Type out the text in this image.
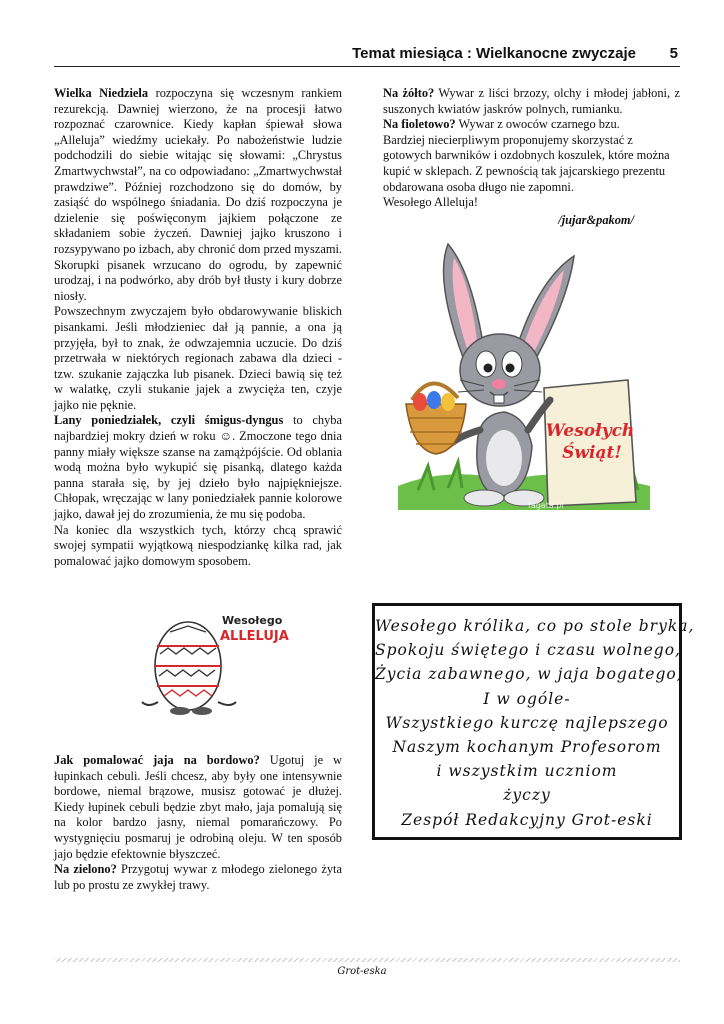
Temat miesiąca : Wielkanocne zwyczaje 5

Wielka Niedziela rozpoczyna się wczesnym rankiem rezurekcją. Dawniej wierzono, że na procesji łatwo rozpoznać czarownice. Kiedy kapłan śpiewał słowa „Alleluja” wiedźmy uciekały. Po nabożeństwie ludzie podchodzili do siebie witając się słowami: „Chrystus Zmartwychwstał”, na co odpowiadano: „Zmartwychwstał prawdziwe”. Później rozchodzono się do domów, by zasiąść do wspólnego śniadania. Do dziś rozpoczyna je dzielenie się poświęconym jajkiem połączone ze składaniem sobie życzeń. Dawniej jajko kruszono i rozsypywano po izbach, aby chronić dom przed myszami. Skorupki pisanek wrzucano do ogrodu, by zapewnić urodzaj, i na podwórko, aby drób był tłusty i kury dobrze niosły.

Powszechnym zwyczajem było obdarowywanie bliskich pisankami. Jeśli młodzieniec dał ją pannie, a ona ją przyjęła, był to znak, że odwzajemnia uczucie. Do dziś przetrwała w niektórych regionach zabawa dla dzieci - tzw. szukanie zajączka lub pisanek. Dzieci bawią się też w walatkę, czyli stukanie jajek a zwycięża ten, czyje jajko nie pęknie.

Lany poniedziałek, czyli śmigus-dyngus to chyba najbardziej mokry dzień w roku ☺. Zmoczone tego dnia panny miały większe szanse na zamążpójście. Od oblania wodą można było wykupić się pisanką, dlatego każda panna starała się, by jej dzieło było najpiękniejsze. Chłopak, wręczając w lany poniedziałek pannie kolorowe jajko, dawał jej do zrozumienia, że mu się podoba.

Na koniec dla wszystkich tych, którzy chcą sprawić swojej sympatii wyjątkową niespodziankę kilka rad, jak pomalować jajko domowym sposobem.

Wesołego
ALLELUJA

Jak pomalować jaja na bordowo? Ugotuj je w łupinkach cebuli. Jeśli chcesz, aby były one intensywnie bordowe, niemal brązowe, musisz gotować je dłużej. Kiedy łupinek cebuli będzie zbyt mało, jaja pomalują się na kolor bardzo jasny, niemal pomarańczowy. Po wystygnięciu posmaruj je odrobiną oleju. W ten sposób jajo będzie efektownie błyszczeć.

Na zielono? Przygotuj wywar z młodego zielonego żyta lub po prostu ze zwykłej trawy.

Na żółto? Wywar z liści brzozy, olchy i młodej jabłoni, z suszonych kwiatów jaskrów polnych, rumianku.

Na fioletowo? Wywar z owoców czarnego bzu.

Bardziej niecierpliwym proponujemy skorzystać z gotowych barwników i ozdobnych koszulek, które można kupić w sklepach. Z pewnością tak jajcarskiego prezentu obdarowana osoba długo nie zapomni.

Wesołego Alleluja!

/jujar&pakom/

Wesołych
Świąt!
fagata.pl
Wesołego królika, co po stole bryka,
Spokoju świętego i czasu wolnego,
Życia zabawnego, w jaja bogatego,
I w ogóle-
Wszystkiego kurczę najlepszego
Naszym kochanym Profesorom
i wszystkim uczniom
życzy
Zespół Redakcyjny Grot-eski
Grot-eska
